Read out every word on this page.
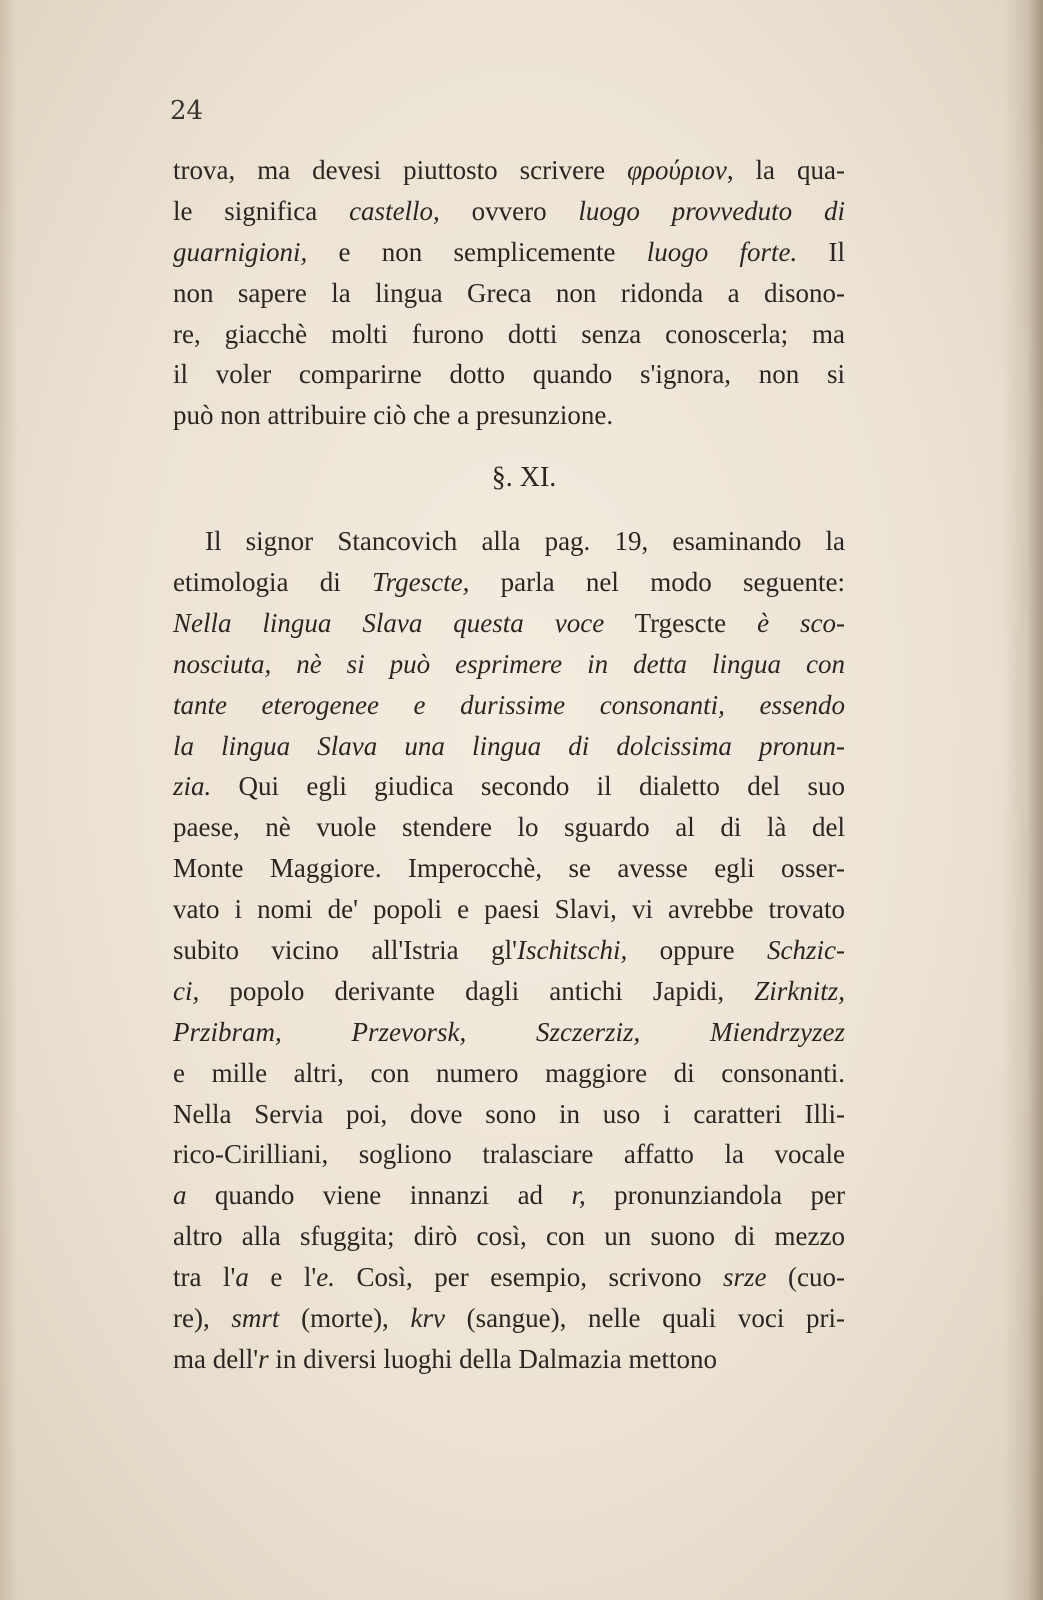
24
trova, ma devesi piuttosto scrivere φρούριον, la qua-
le significa castello, ovvero luogo provveduto di
guarnigioni, e non semplicemente luogo forte. Il
non sapere la lingua Greca non ridonda a disono-
re, giacchè molti furono dotti senza conoscerla; ma
il voler comparirne dotto quando s'ignora, non si
può non attribuire ciò che a presunzione.
§. XI.
Il signor Stancovich alla pag. 19, esaminando la
etimologia di Trgescte, parla nel modo seguente:
Nella lingua Slava questa voce Trgescte è sco-
nosciuta, nè si può esprimere in detta lingua con
tante eterogenee e durissime consonanti, essendo
la lingua Slava una lingua di dolcissima pronun-
zia. Qui egli giudica secondo il dialetto del suo
paese, nè vuole stendere lo sguardo al di là del
Monte Maggiore. Imperocchè, se avesse egli osser-
vato i nomi de' popoli e paesi Slavi, vi avrebbe trovato
subito vicino all'Istria gl'Ischitschi, oppure Schzic-
ci, popolo derivante dagli antichi Japidi, Zirknitz,
Przibram, Przevorsk, Szczerziz, Miendrzyzez
e mille altri, con numero maggiore di consonanti.
Nella Servia poi, dove sono in uso i caratteri Illi-
rico-Cirilliani, sogliono tralasciare affatto la vocale
a quando viene innanzi ad r, pronunziandola per
altro alla sfuggita; dirò così, con un suono di mezzo
tra l'a e l'e. Così, per esempio, scrivono srze (cuo-
re), smrt (morte), krv (sangue), nelle quali voci pri-
ma dell'r in diversi luoghi della Dalmazia mettono
